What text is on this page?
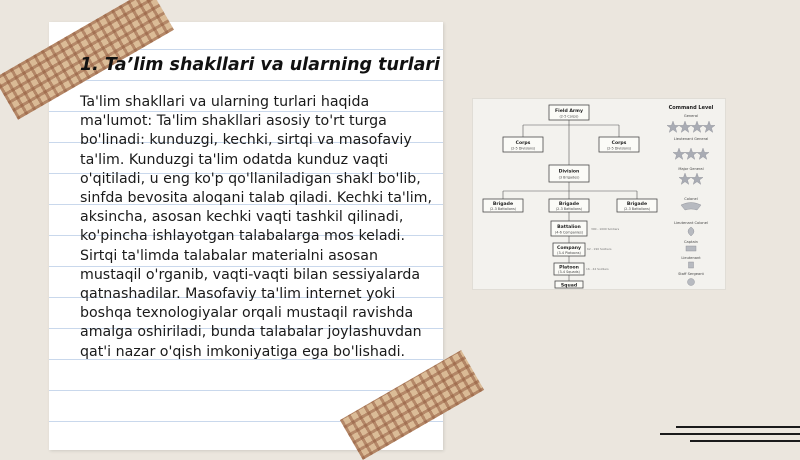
1. Ta’lim shakllari va ularning turlari

Ta'lim shakllari va ularning turlari haqida ma'lumot: Ta'lim shakllari asosiy to'rt turga bo'linadi: kunduzgi, kechki, sirtqi va masofaviy ta'lim. Kunduzgi ta'lim odatda kunduz vaqti o'qitiladi, u eng ko'p qo'llaniladigan shakl bo'lib, sinfda bevosita aloqani talab qiladi. Kechki ta'lim, aksincha, asosan kechki vaqti tashkil qilinadi, ko'pincha ishlayotgan talabalarga mos keladi. Sirtqi ta'limda talabalar materialni asosan mustaqil o'rganib, vaqti-vaqti bilan sessiyalarda qatnashadilar. Masofaviy ta'lim internet yoki boshqa texnologiyalar orqali mustaqil ravishda amalga oshiriladi, bunda talabalar joylashuvdan qat'i nazar o'qish imkoniyatiga ega bo'lishadi.

Field Army
(2-5 Corps)
Corps
(2-5 Divisions)
Corps
(2-5 Divisions)
Division
(3 Brigades)
Brigade
(2-3 Battalions)
Brigade
(2-3 Battalions)
Brigade
(2-3 Battalions)
Battalion
(4-6 Companies)
Company
(3-4 Platoons)
Platoon
(3-4 Squads)
Squad
300 - 1000 Soldiers
62 - 190 Soldiers
16 - 44 Soldiers
Command Level
General
Lieutenant General
Major General
Colonel
Lieutenant Colonel
Captain
Lieutenant
Staff Sergeant
